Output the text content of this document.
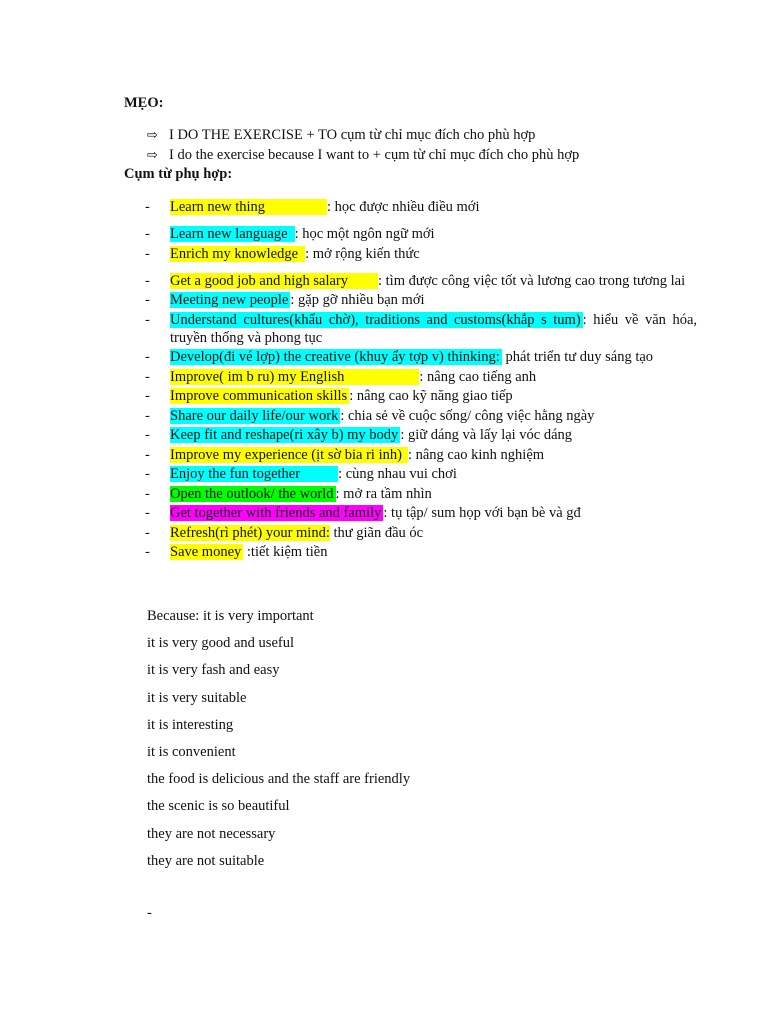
MẸO:
⇨ I DO THE EXERCISE + TO cụm từ chỉ mục đích cho phù hợp
⇨ I do the exercise because I want to + cụm từ chỉ mục đích cho phù hợp
Cụm từ phụ hợp:
- Learn new thing	: học được nhiều điều mới
- Learn new language : học một ngôn ngữ mới
- Enrich my knowledge : mở rộng kiến thức
- Get a good job and high salary : tìm được công việc tốt và lương cao trong tương lai
- Meeting new people : gặp gỡ nhiều bạn mới
- Understand cultures(khẩu chờ), traditions and customs(khắp s tum) : hiểu về văn hóa, truyền thống và phong tục
- Develop(đi vé lợp) the creative (khuy ẩy tợp v) thinking: phát triển tư duy sáng tạo
- Improve( im b ru) my English	: nâng cao tiếng anh
- Improve communication skills : nâng cao kỹ năng giao tiếp
- Share our daily life/our work : chia sẻ về cuộc sống/ công việc hằng ngày
- Keep fit and reshape(ri xây b) my body : giữ dáng và lấy lại vóc dáng
- Improve my experience (ịt sờ bia ri inh) : nâng cao kinh nghiệm
- Enjoy the fun together	: cùng nhau vui chơi
- Open the outlook/ the world : mở ra tầm nhìn
- Get together with friends and family : tụ tập/ sum họp với bạn bè và gđ
- Refresh(rì phét) your mind: thư giãn đầu óc
- Save money :tiết kiệm tiền
Because: it is very important
it is very good and useful
it is very fash and easy
it is very suitable
it is interesting
it is convenient
the food is delicious and the staff are friendly
the scenic is so beautiful
they are not necessary
they are not suitable
-
